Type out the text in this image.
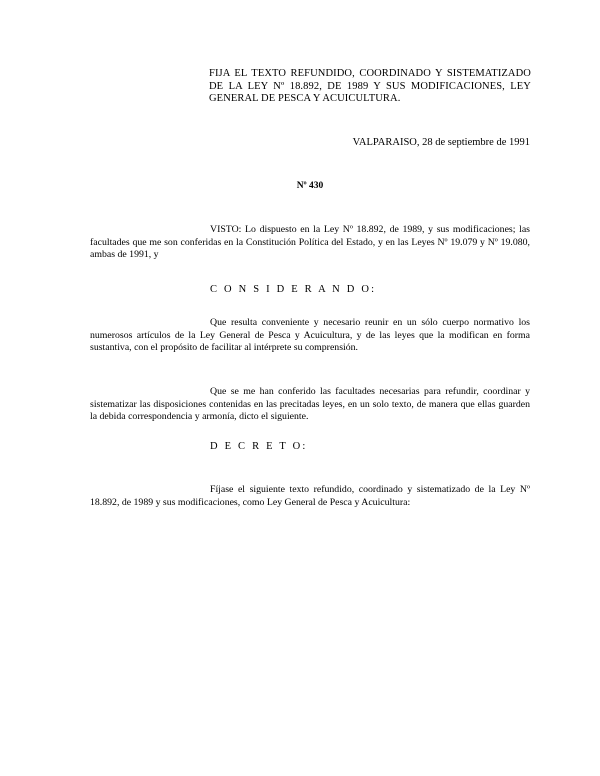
FIJA EL TEXTO REFUNDIDO, COORDINADO Y SISTEMATIZADO DE LA LEY Nº 18.892, DE 1989 Y SUS MODIFICACIONES, LEY GENERAL DE PESCA Y ACUICULTURA.
VALPARAISO, 28 de septiembre de 1991
Nº 430
VISTO: Lo dispuesto en la Ley Nº 18.892, de 1989, y sus modificaciones; las facultades que me son conferidas en la Constitución Política del Estado, y en las Leyes Nº 19.079 y Nº 19.080, ambas de 1991, y
C O N S I D E R A N D O:
Que resulta conveniente y necesario reunir en un sólo cuerpo normativo los numerosos artículos de la Ley General de Pesca y Acuicultura, y de las leyes que la modifican en forma sustantiva, con el propósito de facilitar al intérprete su comprensión.
Que se me han conferido las facultades necesarias para refundir, coordinar y sistematizar las disposiciones contenidas en las precitadas leyes, en un solo texto, de manera que ellas guarden la debida correspondencia y armonía, dicto el siguiente.
D E C R E T O:
Fíjase el siguiente texto refundido, coordinado y sistematizado de la Ley Nº 18.892, de 1989 y sus modificaciones, como Ley General de Pesca y Acuicultura:
